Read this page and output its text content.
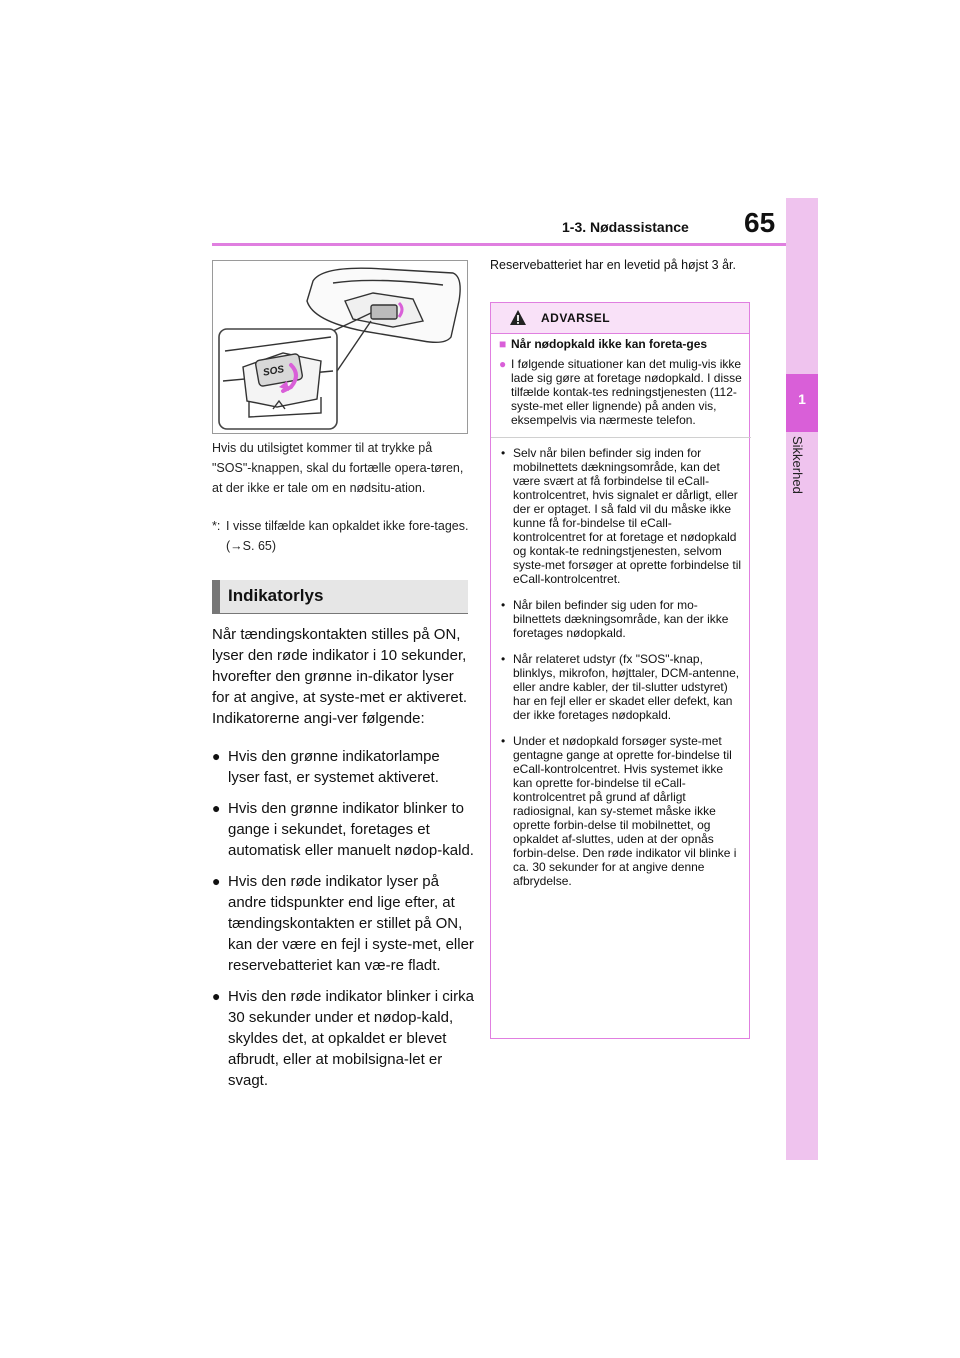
1-3. Nødassistance 65
1
Sikkerhed
SOS
Hvis du utilsigtet kommer til at trykke på "SOS"-knappen, skal du fortælle opera-tøren, at der ikke er tale om en nødsitu-ation.
*: I visse tilfælde kan opkaldet ikke fore-tages. (→S. 65)
Indikatorlys
Når tændingskontakten stilles på ON, lyser den røde indikator i 10 sekunder, hvorefter den grønne in-dikator lyser for at angive, at syste-met er aktiveret. Indikatorerne angi-ver følgende:
● Hvis den grønne indikatorlampe lyser fast, er systemet aktiveret.
● Hvis den grønne indikator blinker to gange i sekundet, foretages et automatisk eller manuelt nødop-kald.
● Hvis den røde indikator lyser på andre tidspunkter end lige efter, at tændingskontakten er stillet på ON, kan der være en fejl i syste-met, eller reservebatteriet kan væ-re fladt.
● Hvis den røde indikator blinker i cirka 30 sekunder under et nødop-kald, skyldes det, at opkaldet er blevet afbrudt, eller at mobilsigna-let er svagt.
Reservebatteriet har en levetid på højst 3 år.
ADVARSEL
■ Når nødopkald ikke kan foreta-ges
● I følgende situationer kan det mulig-vis ikke lade sig gøre at foretage nødopkald. I disse tilfælde kontak-tes redningstjenesten (112-syste-met eller lignende) på anden vis, eksempelvis via nærmeste telefon.
• Selv når bilen befinder sig inden for mobilnettets dækningsområde, kan det være svært at få forbindelse til eCall-kontrolcentret, hvis signalet er dårligt, eller der er optaget. I så fald vil du måske ikke kunne få for-bindelse til eCall-kontrolcentret for at foretage et nødopkald og kontak-te redningstjenesten, selvom syste-met forsøger at oprette forbindelse til eCall-kontrolcentret.
• Når bilen befinder sig uden for mo-bilnettets dækningsområde, kan der ikke foretages nødopkald.
• Når relateret udstyr (fx "SOS"-knap, blinklys, mikrofon, højttaler, DCM-antenne, eller andre kabler, der til-slutter udstyret) har en fejl eller er skadet eller defekt, kan der ikke foretages nødopkald.
• Under et nødopkald forsøger syste-met gentagne gange at oprette for-bindelse til eCall-kontrolcentret. Hvis systemet ikke kan oprette for-bindelse til eCall-kontrolcentret på grund af dårligt radiosignal, kan sy-stemet måske ikke oprette forbin-delse til mobilnettet, og opkaldet af-sluttes, uden at der opnås forbin-delse. Den røde indikator vil blinke i ca. 30 sekunder for at angive denne afbrydelse.
